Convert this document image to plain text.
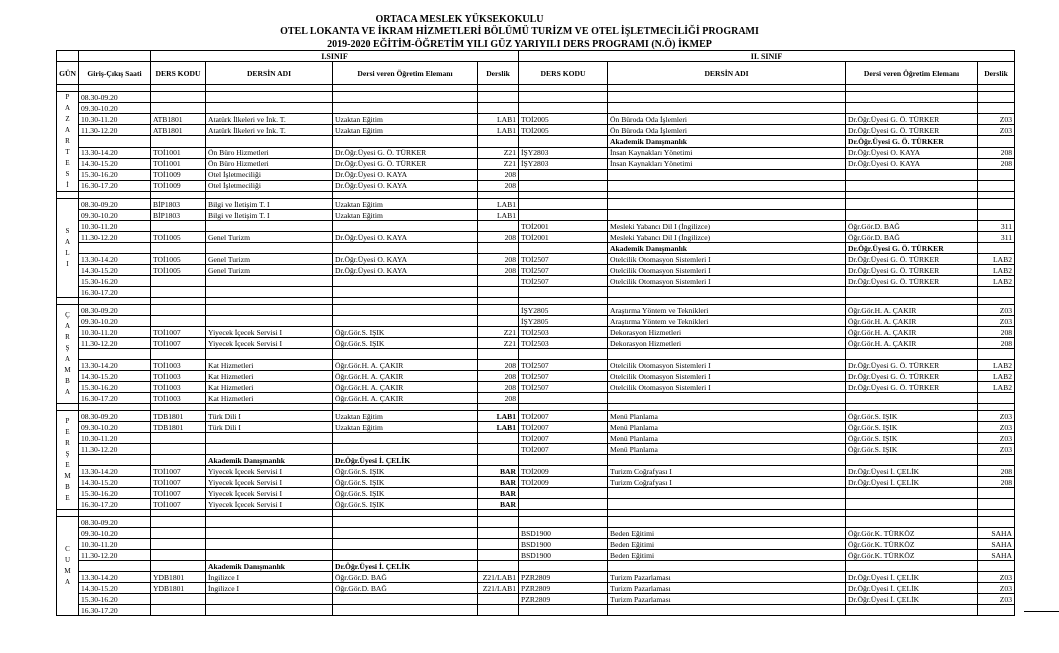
ORTACA MESLEK YÜKSEKOKULU
OTEL LOKANTA VE İKRAM HİZMETLERİ BÖLÜMÜ TURİZM VE OTEL İŞLETMECİLİĞİ PROGRAMI
2019-2020 EĞİTİM-ÖĞRETİM YILI GÜZ YARIYILI DERS PROGRAMI (N.Ö) İKMEP
		I.SINIF				II. SINIF			
GÜN	Giriş-Çıkış Saati	DERS KODU	DERSİN ADI	Dersi veren Öğretim Elemanı	Derslik	DERS KODU	DERSİN ADI	Dersi veren Öğretim Elemanı	Derslik

P A Z A R T E S İ	08.30-09.20								
	09.30-10.20								
	10.30-11.20	ATB1801	Atatürk İlkeleri ve İnk. T.	Uzaktan Eğitim	LAB1	TOİ2005	Ön Büroda Oda İşlemleri	Dr.Öğr.Üyesi G. Ö. TÜRKER	Z03
	11.30-12.20	ATB1801	Atatürk İlkeleri ve İnk. T.	Uzaktan Eğitim	LAB1	TOİ2005	Ön Büroda Oda İşlemleri	Dr.Öğr.Üyesi G. Ö. TÜRKER	Z03
							Akademik Danışmanlık	Dr.Öğr.Üyesi G. Ö. TÜRKER	
	13.30-14.20	TOİ1001	Ön Büro Hizmetleri	Dr.Öğr.Üyesi G. Ö. TÜRKER	Z21	İŞY2803	İnsan Kaynakları Yönetimi	Dr.Öğr.Üyesi O. KAYA	208
	14.30-15.20	TOİ1001	Ön Büro Hizmetleri	Dr.Öğr.Üyesi G. Ö. TÜRKER	Z21	İŞY2803	İnsan Kaynakları Yönetimi	Dr.Öğr.Üyesi O. KAYA	208
	15.30-16.20	TOİ1009	Otel İşletmeciliği	Dr.Öğr.Üyesi O. KAYA	208				
	16.30-17.20	TOİ1009	Otel İşletmeciliği	Dr.Öğr.Üyesi O. KAYA	208				

S A L I	08.30-09.20	BİP1803	Bilgi ve İletişim T. I	Uzaktan Eğitim	LAB1				
	09.30-10.20	BİP1803	Bilgi ve İletişim T. I	Uzaktan Eğitim	LAB1				
	10.30-11.20					TOİ2001	Mesleki Yabancı Dil I (İngilizce)	Öğr.Gör.D. BAĞ	311
	11.30-12.20	TOİ1005	Genel Turizm	Dr.Öğr.Üyesi O. KAYA	208	TOİ2001	Mesleki Yabancı Dil I (İngilizce)	Öğr.Gör.D. BAĞ	311
							Akademik Danışmanlık	Dr.Öğr.Üyesi G. Ö. TÜRKER	
	13.30-14.20	TOİ1005	Genel Turizm	Dr.Öğr.Üyesi O. KAYA	208	TOİ2507	Otelcilik Otomasyon Sistemleri I	Dr.Öğr.Üyesi G. Ö. TÜRKER	LAB2
	14.30-15.20	TOİ1005	Genel Turizm	Dr.Öğr.Üyesi O. KAYA	208	TOİ2507	Otelcilik Otomasyon Sistemleri I	Dr.Öğr.Üyesi G. Ö. TÜRKER	LAB2
	15.30-16.20					TOİ2507	Otelcilik Otomasyon Sistemleri I	Dr.Öğr.Üyesi G. Ö. TÜRKER	LAB2
	16.30-17.20								

Ç A R Ş A M B A	08.30-09.20					İŞY2805	Araştırma Yöntem ve Teknikleri	Öğr.Gör.H. A. ÇAKIR	Z03
	09.30-10.20					İŞY2805	Araştırma Yöntem ve Teknikleri	Öğr.Gör.H. A. ÇAKIR	Z03
	10.30-11.20	TOİ1007	Yiyecek İçecek Servisi I	Öğr.Gör.S. IŞIK	Z21	TOİ2503	Dekorasyon Hizmetleri	Öğr.Gör.H. A. ÇAKIR	208
	11.30-12.20	TOİ1007	Yiyecek İçecek Servisi I	Öğr.Gör.S. IŞIK	Z21	TOİ2503	Dekorasyon Hizmetleri	Öğr.Gör.H. A. ÇAKIR	208

	13.30-14.20	TOİ1003	Kat Hizmetleri	Öğr.Gör.H. A. ÇAKIR	208	TOİ2507	Otelcilik Otomasyon Sistemleri I	Dr.Öğr.Üyesi G. Ö. TÜRKER	LAB2
	14.30-15.20	TOİ1003	Kat Hizmetleri	Öğr.Gör.H. A. ÇAKIR	208	TOİ2507	Otelcilik Otomasyon Sistemleri I	Dr.Öğr.Üyesi G. Ö. TÜRKER	LAB2
	15.30-16.20	TOİ1003	Kat Hizmetleri	Öğr.Gör.H. A. ÇAKIR	208	TOİ2507	Otelcilik Otomasyon Sistemleri I	Dr.Öğr.Üyesi G. Ö. TÜRKER	LAB2
	16.30-17.20	TOİ1003	Kat Hizmetleri	Öğr.Gör.H. A. ÇAKIR	208				

P E R Ş E M B E	08.30-09.20	TDB1801	Türk Dili I	Uzaktan Eğitim	LAB1	TOİ2007	Menü Planlama	Öğr.Gör.S. IŞIK	Z03
	09.30-10.20	TDB1801	Türk Dili I	Uzaktan Eğitim	LAB1	TOİ2007	Menü Planlama	Öğr.Gör.S. IŞIK	Z03
	10.30-11.20					TOİ2007	Menü Planlama	Öğr.Gör.S. IŞIK	Z03
	11.30-12.20					TOİ2007	Menü Planlama	Öğr.Gör.S. IŞIK	Z03
			Akademik Danışmanlık	Dr.Öğr.Üyesi İ. ÇELİK					
	13.30-14.20	TOİ1007	Yiyecek İçecek Servisi I	Öğr.Gör.S. IŞIK	BAR	TOİ2009	Turizm Coğrafyası I	Dr.Öğr.Üyesi İ. ÇELİK	208
	14.30-15.20	TOİ1007	Yiyecek İçecek Servisi I	Öğr.Gör.S. IŞIK	BAR	TOİ2009	Turizm Coğrafyası I	Dr.Öğr.Üyesi İ. ÇELİK	208
	15.30-16.20	TOİ1007	Yiyecek İçecek Servisi I	Öğr.Gör.S. IŞIK	BAR				
	16.30-17.20	TOİ1007	Yiyecek İçecek Servisi I	Öğr.Gör.S. IŞIK	BAR				

C U M A	08.30-09.20								
	09.30-10.20					BSD1900	Beden Eğitimi	Öğr.Gör.K. TÜRKÖZ	SAHA
	10.30-11.20					BSD1900	Beden Eğitimi	Öğr.Gör.K. TÜRKÖZ	SAHA
	11.30-12.20					BSD1900	Beden Eğitimi	Öğr.Gör.K. TÜRKÖZ	SAHA
			Akademik Danışmanlık	Dr.Öğr.Üyesi İ. ÇELİK					
	13.30-14.20	YDB1801	İngilizce I	Öğr.Gör.D. BAĞ	Z21/LAB1	PZR2809	Turizm Pazarlaması	Dr.Öğr.Üyesi İ. ÇELİK	Z03
	14.30-15.20	YDB1801	İngilizce I	Öğr.Gör.D. BAĞ	Z21/LAB1	PZR2809	Turizm Pazarlaması	Dr.Öğr.Üyesi İ. ÇELİK	Z03
	15.30-16.20					PZR2809	Turizm Pazarlaması	Dr.Öğr.Üyesi İ. ÇELİK	Z03
	16.30-17.20								
